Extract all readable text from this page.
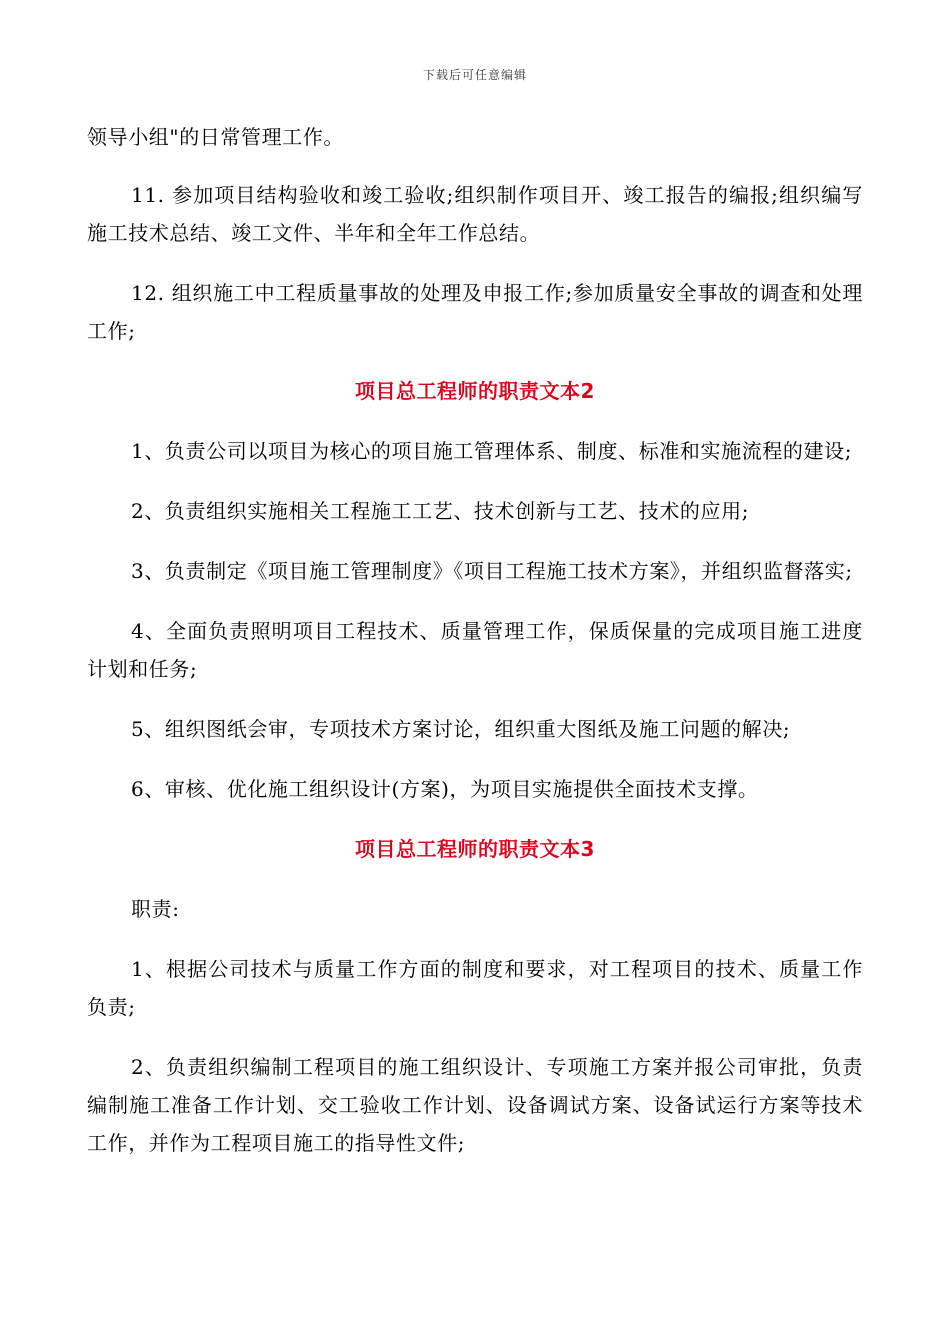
下载后可任意编辑

领导小组"的日常管理工作。

11. 参加项目结构验收和竣工验收;组织制作项目开、竣工报告的编报;组织编写施工技术总结、竣工文件、半年和全年工作总结。

12. 组织施工中工程质量事故的处理及申报工作;参加质量安全事故的调查和处理工作;

项目总工程师的职责文本2

1、负责公司以项目为核心的项目施工管理体系、制度、标准和实施流程的建设;

2、负责组织实施相关工程施工工艺、技术创新与工艺、技术的应用;

3、负责制定《项目施工管理制度》《项目工程施工技术方案》，并组织监督落实;

4、全面负责照明项目工程技术、质量管理工作，保质保量的完成项目施工进度计划和任务;

5、组织图纸会审，专项技术方案讨论，组织重大图纸及施工问题的解决;

6、审核、优化施工组织设计(方案)，为项目实施提供全面技术支撑。

项目总工程师的职责文本3

职责:

1、根据公司技术与质量工作方面的制度和要求，对工程项目的技术、质量工作负责;

2、负责组织编制工程项目的施工组织设计、专项施工方案并报公司审批，负责编制施工准备工作计划、交工验收工作计划、设备调试方案、设备试运行方案等技术工作，并作为工程项目施工的指导性文件;
